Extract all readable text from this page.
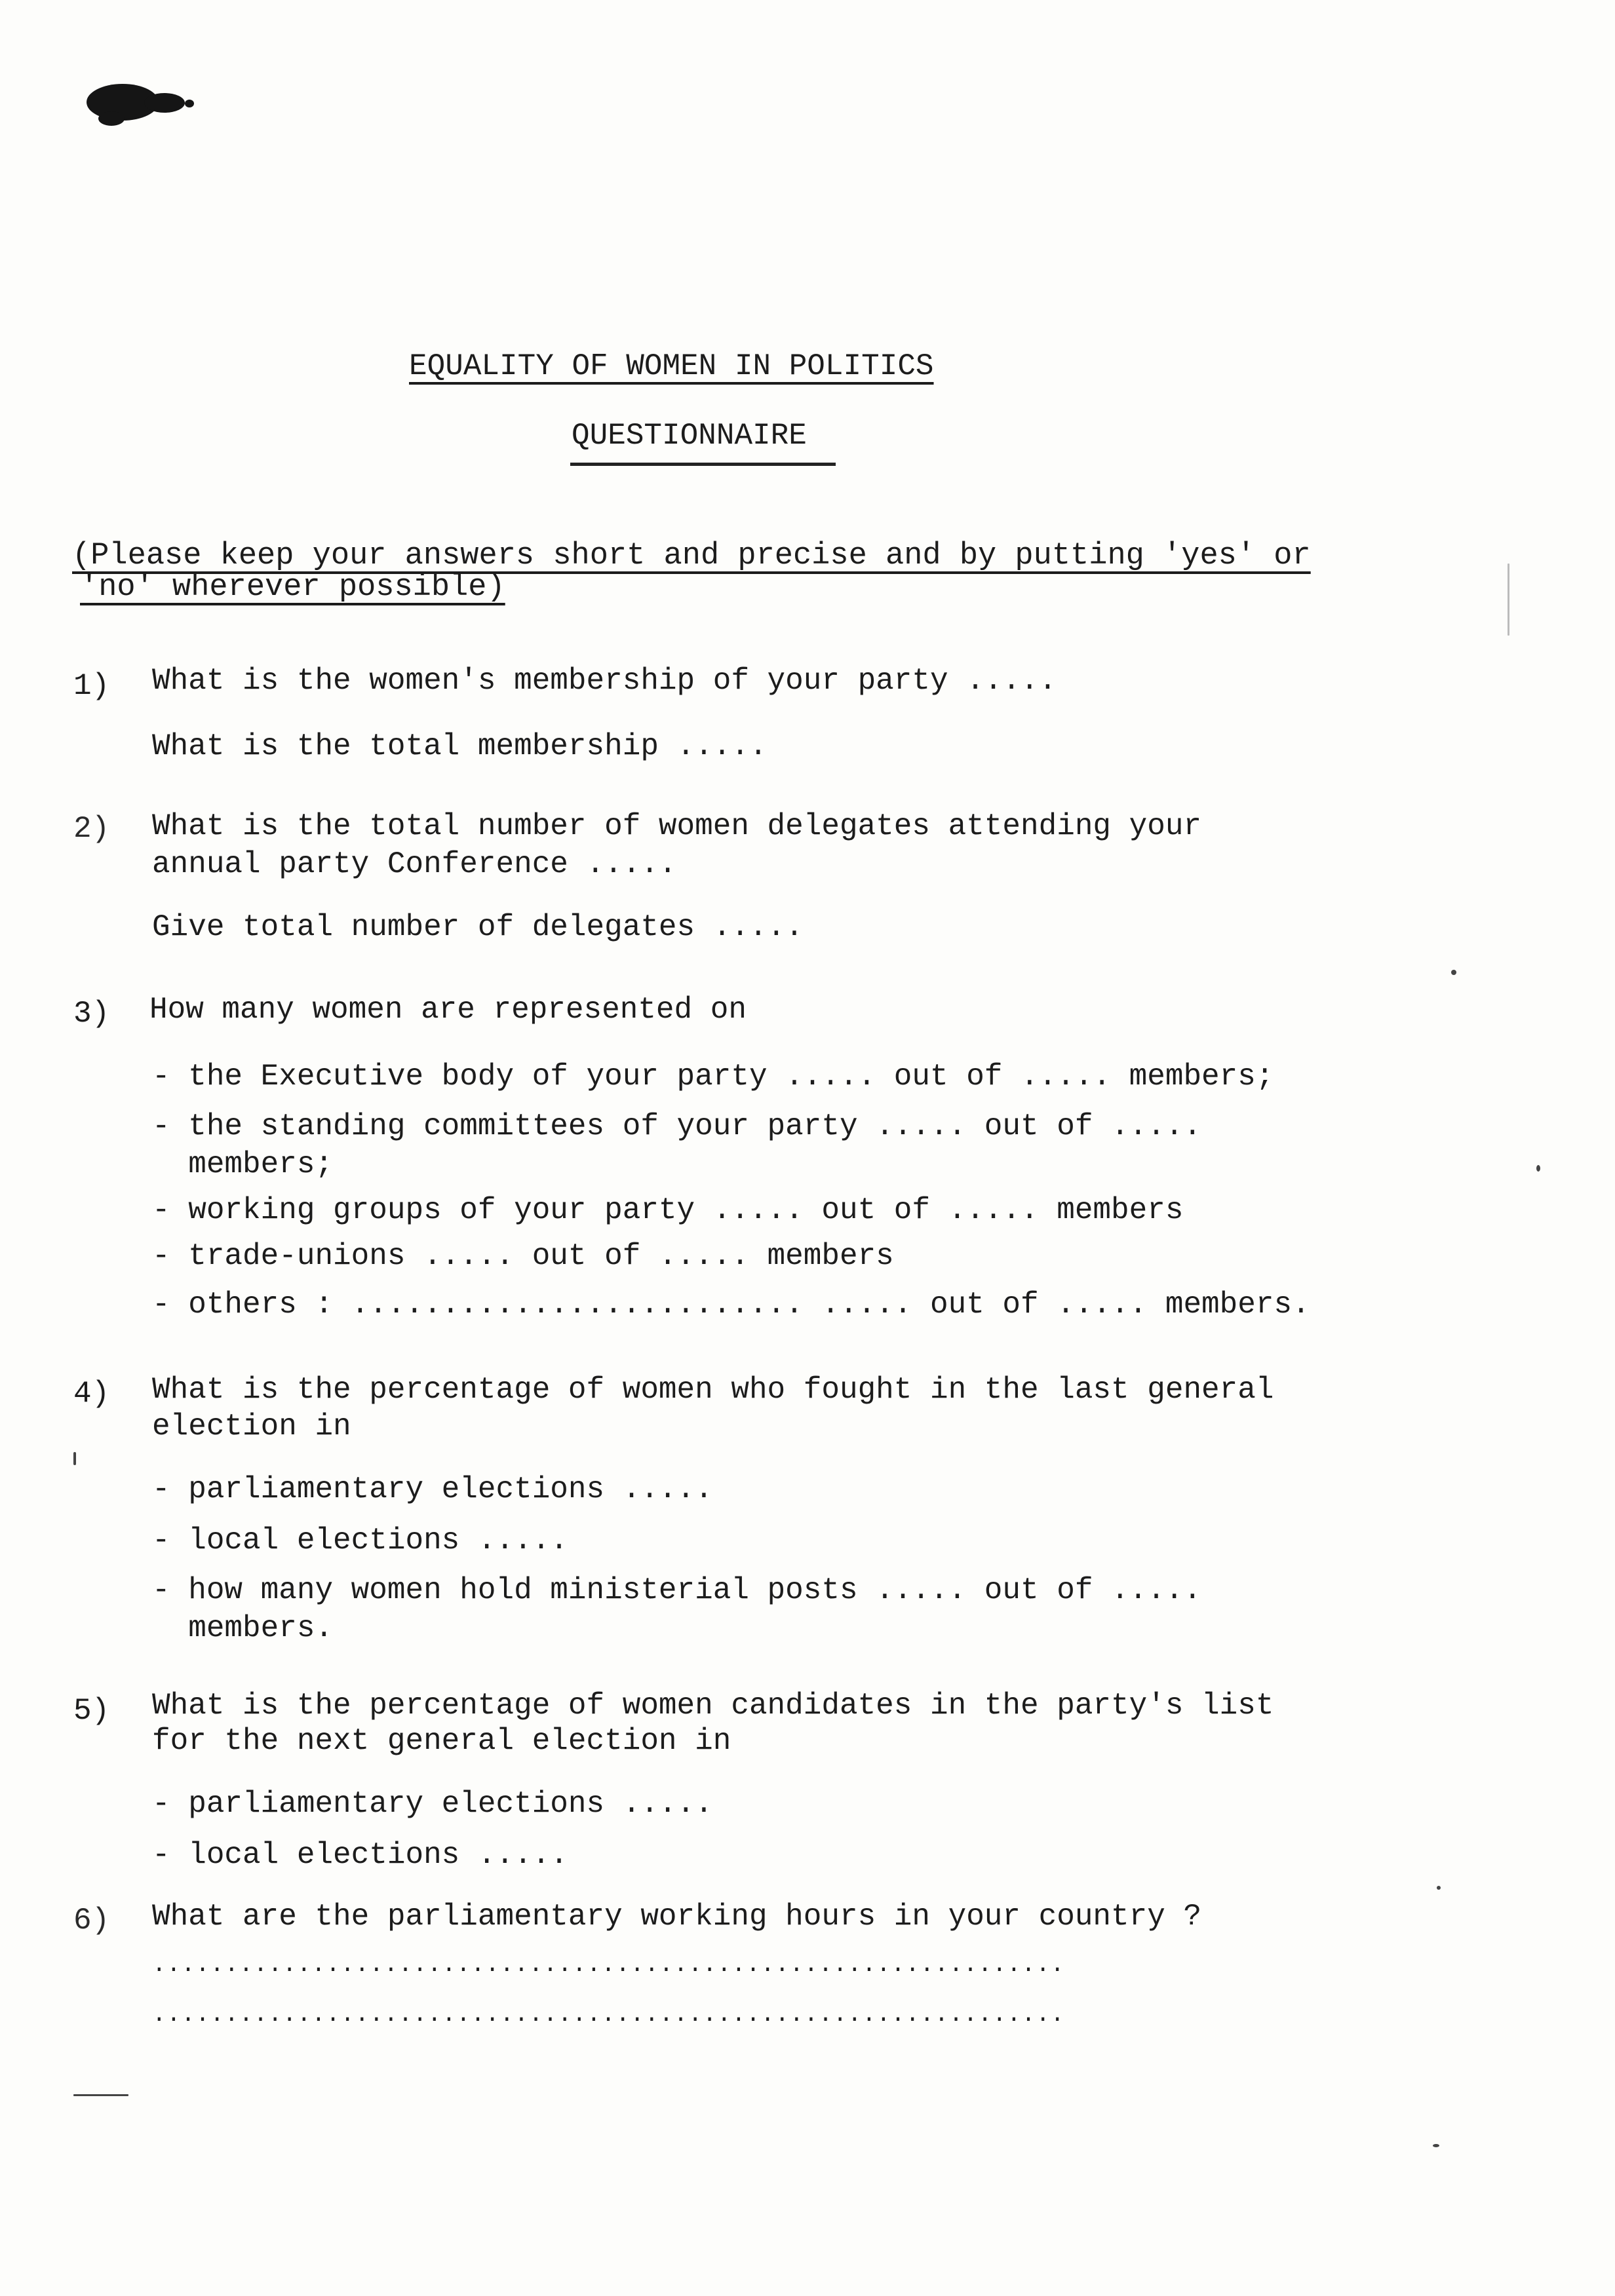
EQUALITY OF WOMEN IN POLITICS
QUESTIONNAIRE
(Please keep your answers short and precise and by putting 'yes' or
'no' wherever possible)
1) What is the women's membership of your party .....
What is the total membership .....
2) What is the total number of women delegates attending your
annual party Conference .....
Give total number of delegates .....
3) How many women are represented on
- the Executive body of your party ..... out of ..... members;
- the standing committees of your party ..... out of .....
members;
- working groups of your party ..... out of ..... members
- trade-unions ..... out of ..... members
- others : ......................... ..... out of ..... members.
4) What is the percentage of women who fought in the last general
election in
- parliamentary elections .....
- local elections .....
- how many women hold ministerial posts ..... out of .....
members.
5) What is the percentage of women candidates in the party's list
for the next general election in
- parliamentary elections .....
- local elections .....
6) What are the parliamentary working hours in your country ?
...............................................................
...............................................................
